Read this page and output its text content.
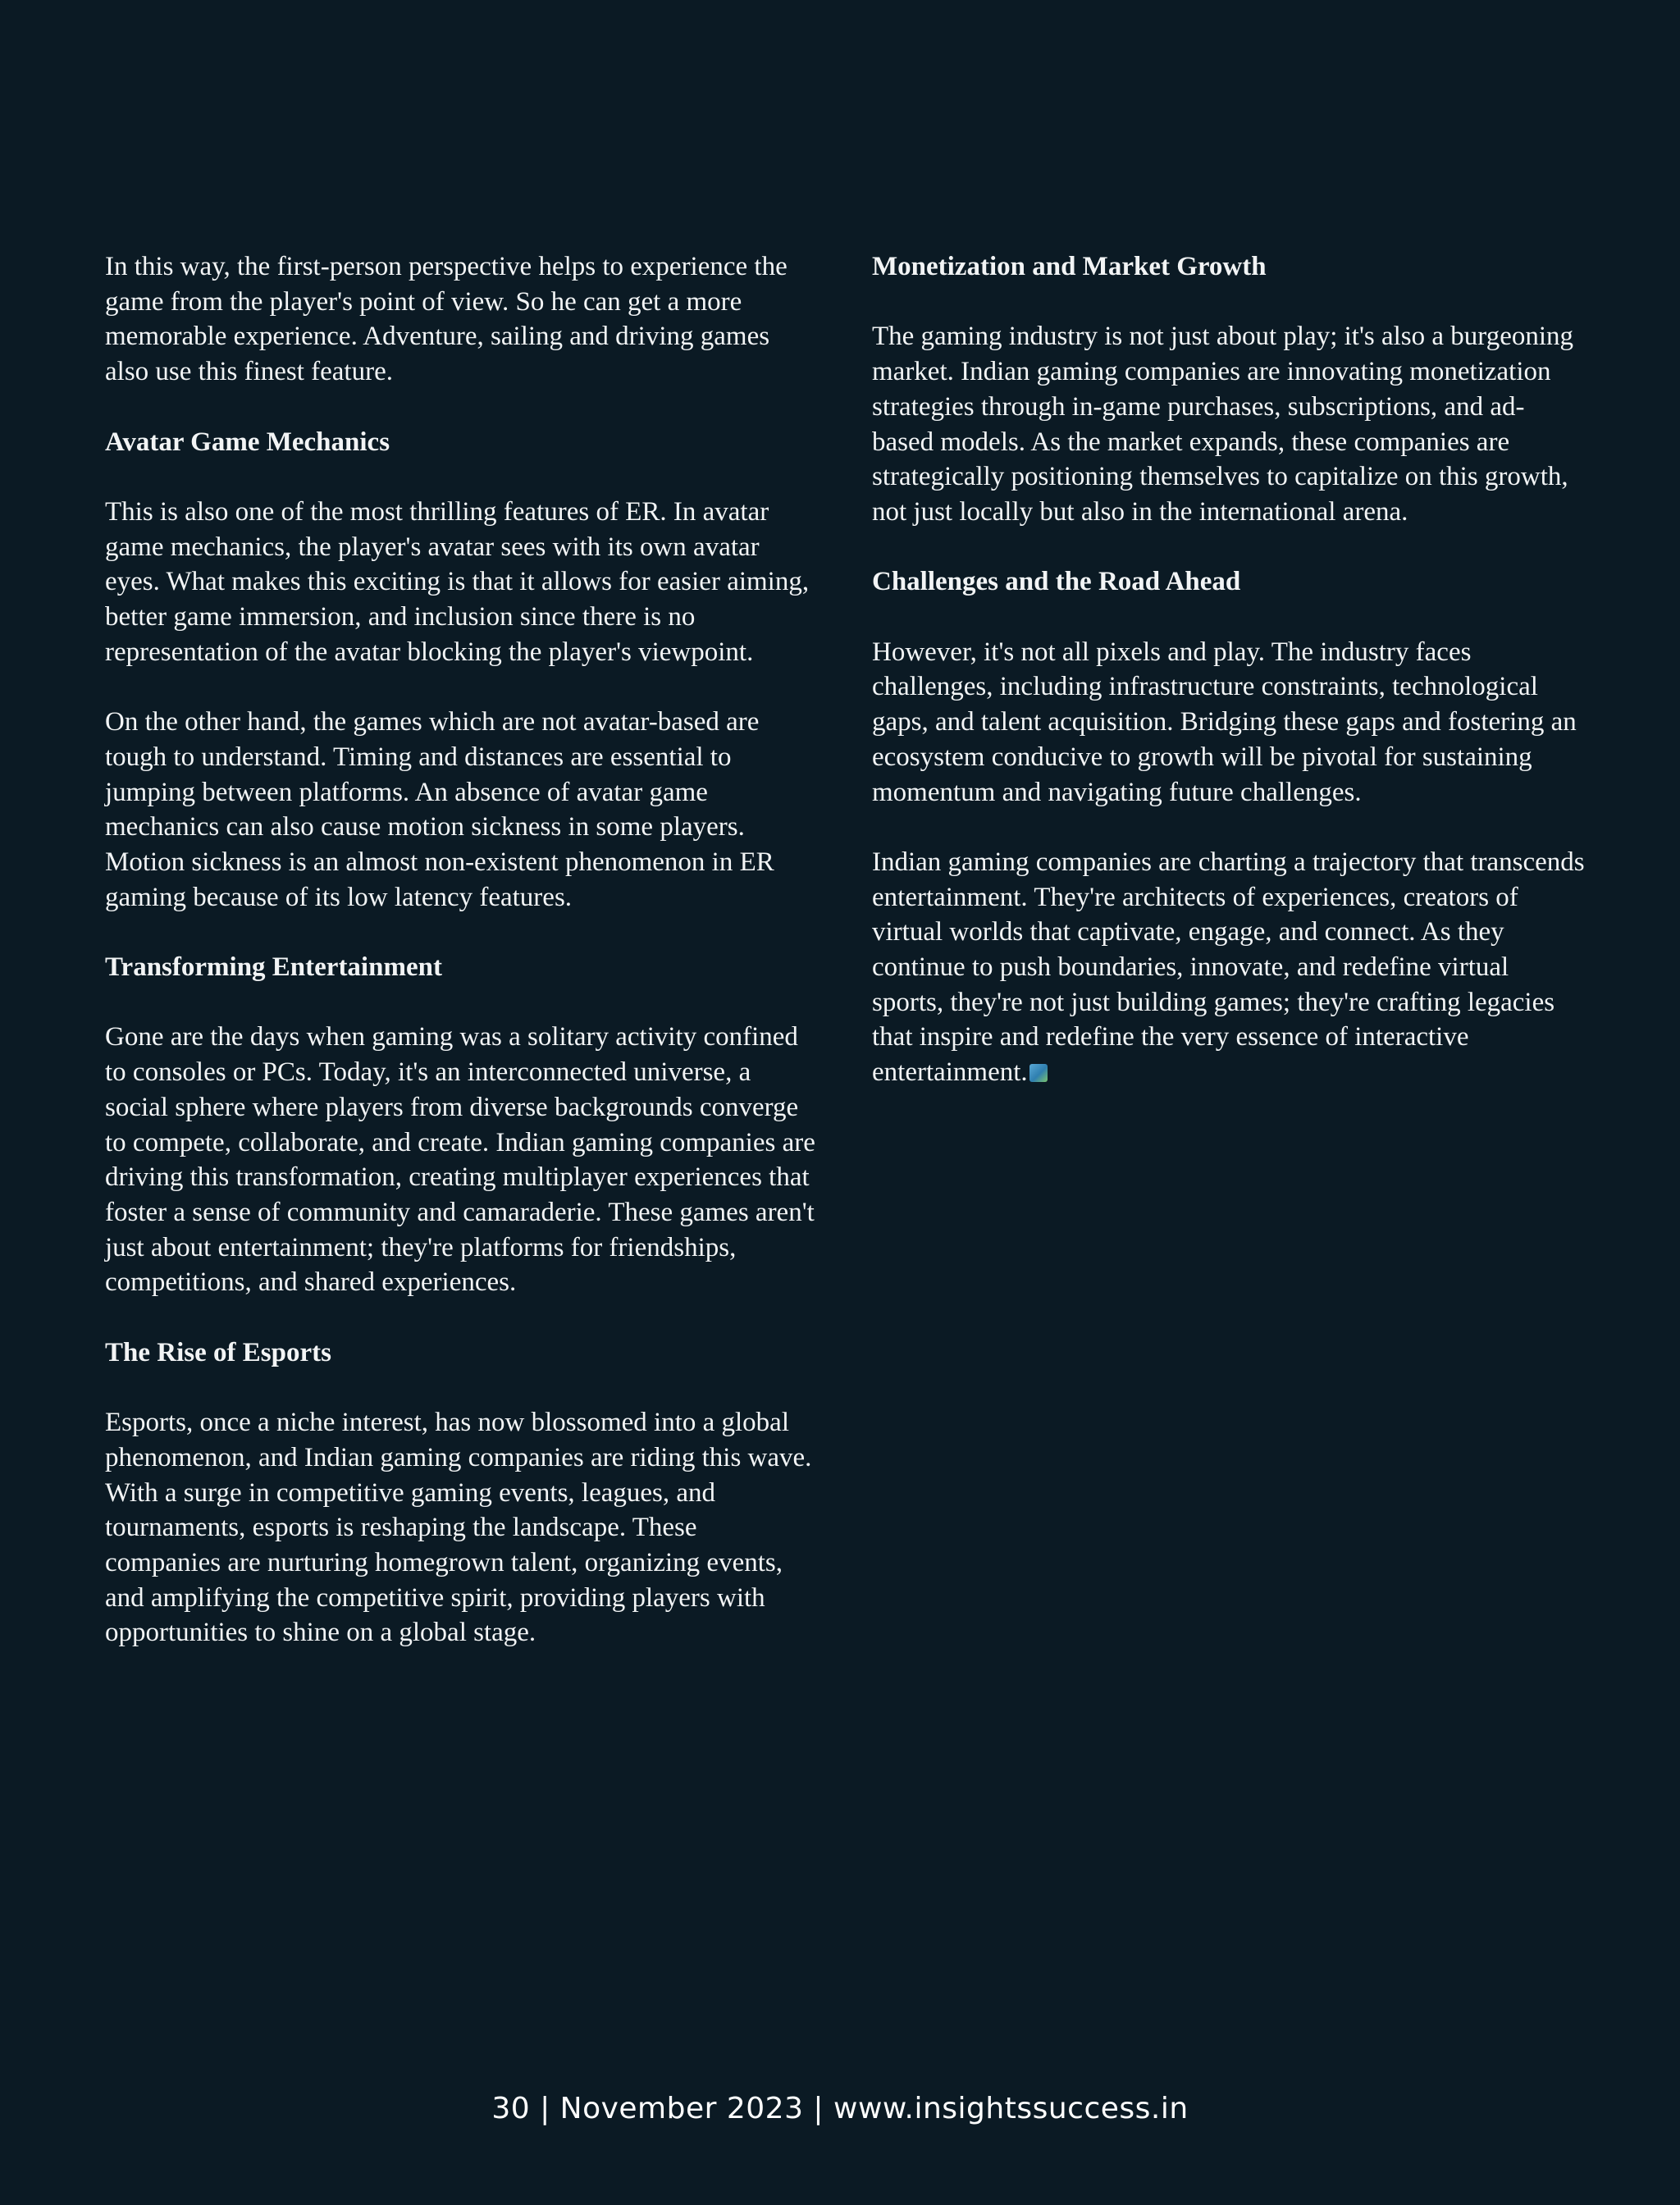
In this way, the first-person perspective helps to experience the game from the player's point of view. So he can get a more memorable experience. Adventure, sailing and driving games also use this finest feature.

Avatar Game Mechanics

This is also one of the most thrilling features of ER. In avatar game mechanics, the player's avatar sees with its own avatar eyes. What makes this exciting is that it allows for easier aiming, better game immersion, and inclusion since there is no representation of the avatar blocking the player's viewpoint.

On the other hand, the games which are not avatar-based are tough to understand. Timing and distances are essential to jumping between platforms. An absence of avatar game mechanics can also cause motion sickness in some players. Motion sickness is an almost non-existent phenomenon in ER gaming because of its low latency features.

Transforming Entertainment

Gone are the days when gaming was a solitary activity confined to consoles or PCs. Today, it's an interconnected universe, a social sphere where players from diverse backgrounds converge to compete, collaborate, and create. Indian gaming companies are driving this transformation, creating multiplayer experiences that foster a sense of community and camaraderie. These games aren't just about entertainment; they're platforms for friendships, competitions, and shared experiences.

The Rise of Esports

Esports, once a niche interest, has now blossomed into a global phenomenon, and Indian gaming companies are riding this wave. With a surge in competitive gaming events, leagues, and tournaments, esports is reshaping the landscape. These companies are nurturing homegrown talent, organizing events, and amplifying the competitive spirit, providing players with opportunities to shine on a global stage.

Monetization and Market Growth

The gaming industry is not just about play; it's also a burgeoning market. Indian gaming companies are innovating monetization strategies through in-game purchases, subscriptions, and ad-based models. As the market expands, these companies are strategically positioning themselves to capitalize on this growth, not just locally but also in the international arena.

Challenges and the Road Ahead

However, it's not all pixels and play. The industry faces challenges, including infrastructure constraints, technological gaps, and talent acquisition. Bridging these gaps and fostering an ecosystem conducive to growth will be pivotal for sustaining momentum and navigating future challenges.

Indian gaming companies are charting a trajectory that transcends entertainment. They're architects of experiences, creators of virtual worlds that captivate, engage, and connect. As they continue to push boundaries, innovate, and redefine virtual sports, they're not just building games; they're crafting legacies that inspire and redefine the very essence of interactive entertainment.

30 | November 2023 | www.insightssuccess.in
